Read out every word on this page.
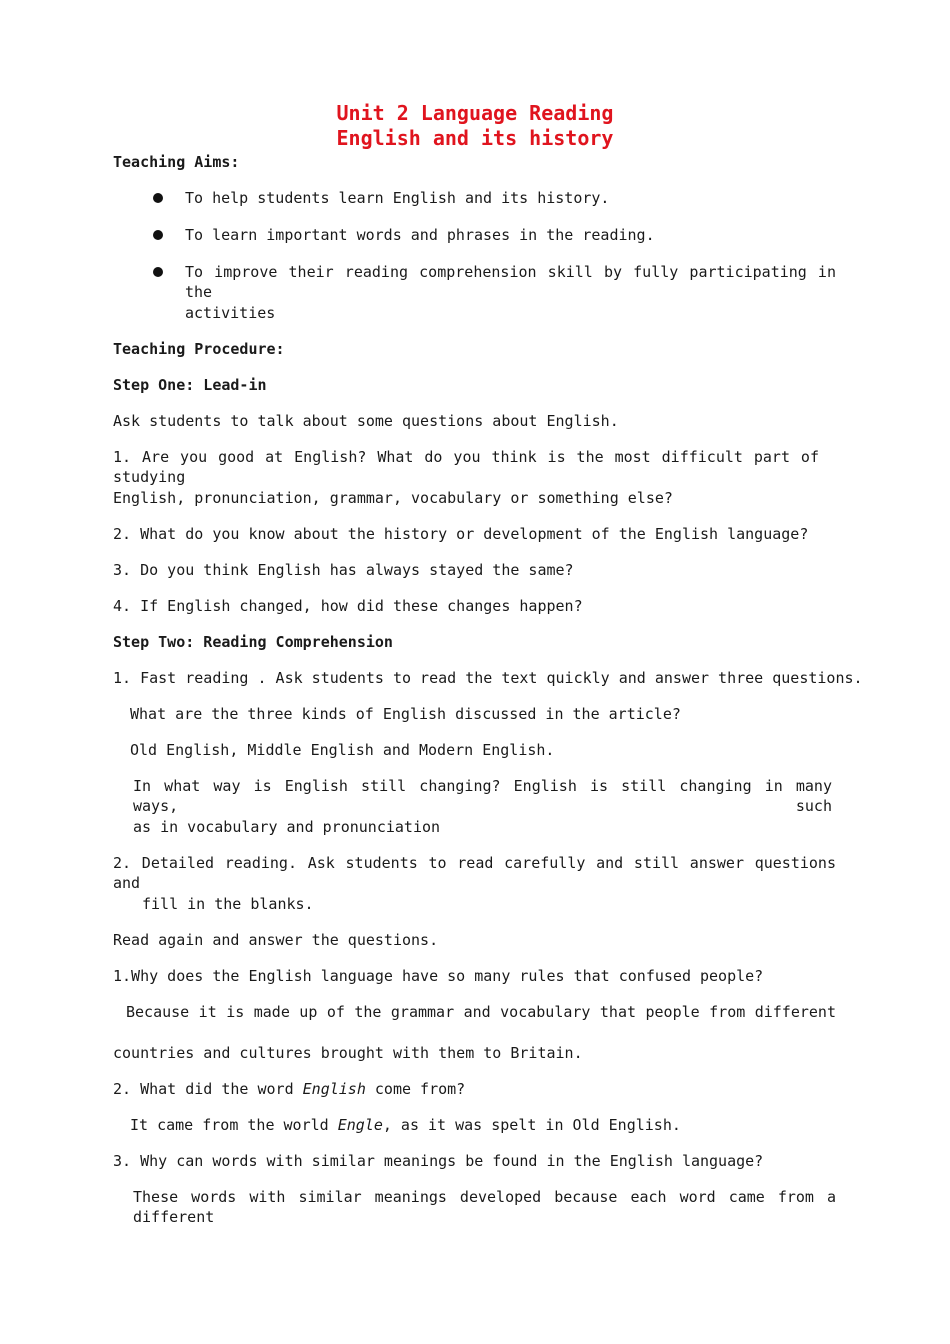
Unit 2 Language Reading
English and its history
Teaching Aims:
To help students learn English and its history.
To learn important words and phrases in the reading.
To improve their reading comprehension skill by fully participating in the
activities
Teaching Procedure:
Step One: Lead-in
Ask students to talk about some questions about English.
1. Are you good at English? What do you think is the most difficult part of studying
English, pronunciation, grammar, vocabulary or something else?
2. What do you know about the history or development of the English language?
3. Do you think English has always stayed the same?
4. If English changed, how did these changes happen?
Step Two: Reading Comprehension
1. Fast reading . Ask students to read the text quickly and answer three questions.
What are the three kinds of English discussed in the article?
Old English, Middle English and Modern English.
In what way is English still changing? English is still changing in many ways, such
as in vocabulary and pronunciation
2. Detailed reading. Ask students to read carefully and still answer questions and
fill in the blanks.
Read again and answer the questions.
1.Why does the English language have so many rules that confused people?
Because it is made up of the grammar and vocabulary that people from different
countries and cultures brought with them to Britain.
2. What did the word English come from?
It came from the world Engle, as it was spelt in Old English.
3. Why can words with similar meanings be found in the English language?
These words with similar meanings developed because each word came from a different
